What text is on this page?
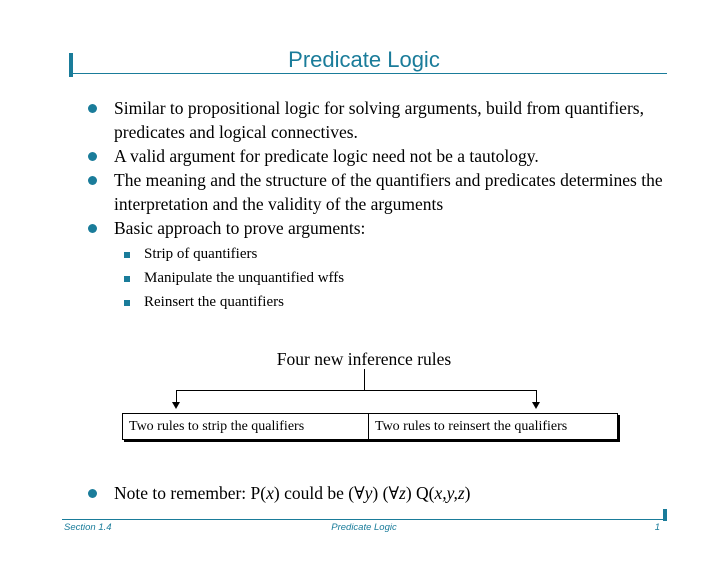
Predicate Logic
Similar to propositional logic for solving arguments, build from quantifiers, predicates and logical connectives.
A valid argument for predicate logic need not be a tautology.
The meaning and the structure of the quantifiers and predicates determines the interpretation and the validity of the arguments
Basic approach to prove arguments:
Strip of quantifiers
Manipulate the unquantified wffs
Reinsert the quantifiers
Four new inference rules
Two rules to strip the qualifiers	Two rules to reinsert the qualifiers
Note to remember: P(x) could be (∀y) (∀z) Q(x,y,z)
Section 1.4	Predicate Logic	1
